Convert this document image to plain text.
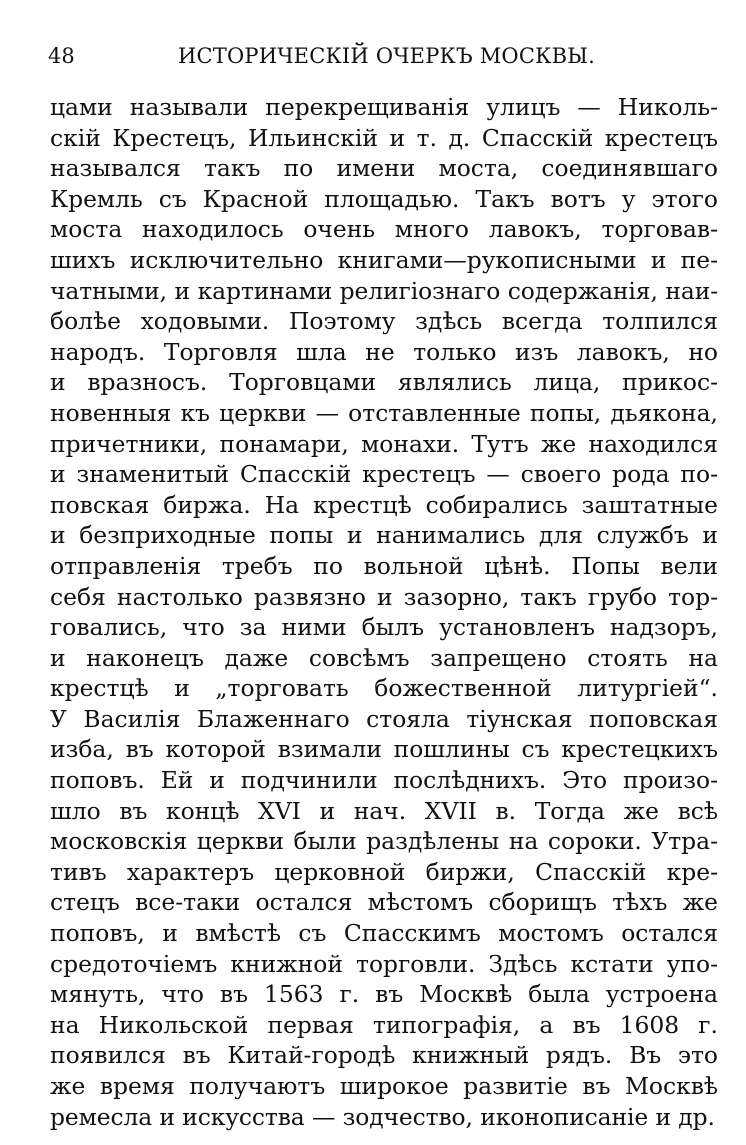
48	ИСТОРИЧЕСКІЙ ОЧЕРКЪ МОСКВЫ.
цами называли перекрещиванія улицъ — Николь-
скій Крестецъ, Ильинскій и т. д. Спасскій крестецъ
назывался такъ по имени моста, соединявшаго
Кремль съ Красной площадью. Такъ вотъ у этого
моста находилось очень много лавокъ, торговав-
шихъ исключительно книгами—рукописными и пе-
чатными, и картинами религіознаго содержанія, наи-
болѣе ходовыми. Поэтому здѣсь всегда толпился
народъ. Торговля шла не только изъ лавокъ, но
и вразносъ. Торговцами являлись лица, прикос-
новенныя къ церкви — отставленные попы, дьякона,
причетники, понамари, монахи. Тутъ же находился
и знаменитый Спасскій крестецъ — своего рода по-
повская биржа. На крестцѣ собирались заштатные
и безприходные попы и нанимались для службъ и
отправленія требъ по вольной цѣнѣ. Попы вели
себя настолько развязно и зазорно, такъ грубо тор-
говались, что за ними былъ установленъ надзоръ,
и наконецъ даже совсѣмъ запрещено стоять на
крестцѣ и „торговать божественной литургіей“.
У Василія Блаженнаго стояла тіунская поповская
изба, въ которой взимали пошлины съ крестецкихъ
поповъ. Ей и подчинили послѣднихъ. Это произо-
шло въ концѣ XVI и нач. XVII в. Тогда же всѣ
московскія церкви были раздѣлены на сороки. Утра-
тивъ характеръ церковной биржи, Спасскій кре-
стецъ все-таки остался мѣстомъ сборищъ тѣхъ же
поповъ, и вмѣстѣ съ Спасскимъ мостомъ остался
средоточіемъ книжной торговли. Здѣсь кстати упо-
мянуть, что въ 1563 г. въ Москвѣ была устроена
на Никольской первая типографія, а въ 1608 г.
появился въ Китай-городѣ книжный рядъ. Въ это
же время получаютъ широкое развитіе въ Москвѣ
ремесла и искусства — зодчество, иконописаніе и др.
